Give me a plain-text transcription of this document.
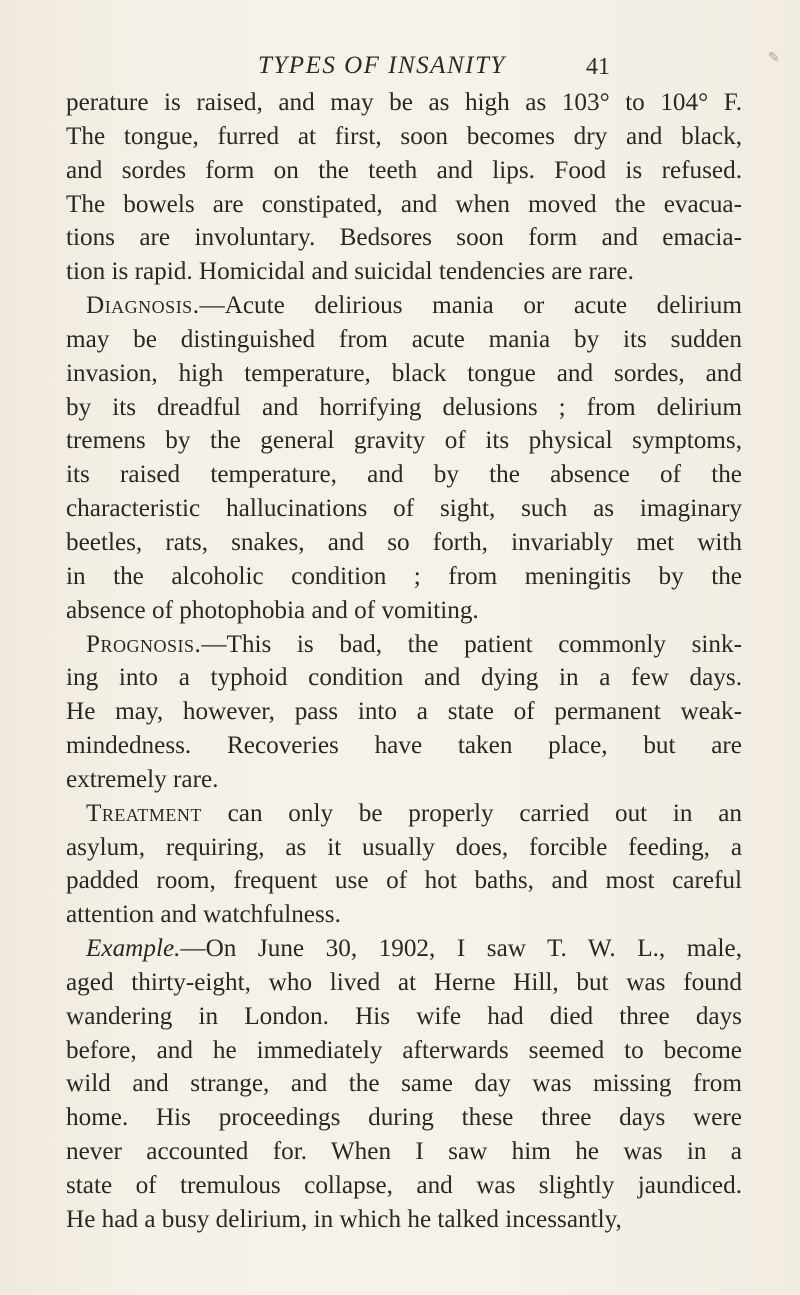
✎
TYPES OF INSANITY	41
perature is raised, and may be as high as 103° to 104° F.
The tongue, furred at first, soon becomes dry and black,
and sordes form on the teeth and lips. Food is refused.
The bowels are constipated, and when moved the evacua-
tions are involuntary. Bedsores soon form and emacia-
tion is rapid. Homicidal and suicidal tendencies are rare.
Diagnosis.—Acute delirious mania or acute delirium
may be distinguished from acute mania by its sudden
invasion, high temperature, black tongue and sordes, and
by its dreadful and horrifying delusions ; from delirium
tremens by the general gravity of its physical symptoms,
its raised temperature, and by the absence of the
characteristic hallucinations of sight, such as imaginary
beetles, rats, snakes, and so forth, invariably met with
in the alcoholic condition ; from meningitis by the
absence of photophobia and of vomiting.
Prognosis.—This is bad, the patient commonly sink-
ing into a typhoid condition and dying in a few days.
He may, however, pass into a state of permanent weak-
mindedness. Recoveries have taken place, but are
extremely rare.
Treatment can only be properly carried out in an
asylum, requiring, as it usually does, forcible feeding, a
padded room, frequent use of hot baths, and most careful
attention and watchfulness.
Example.—On June 30, 1902, I saw T. W. L., male,
aged thirty-eight, who lived at Herne Hill, but was found
wandering in London. His wife had died three days
before, and he immediately afterwards seemed to become
wild and strange, and the same day was missing from
home. His proceedings during these three days were
never accounted for. When I saw him he was in a
state of tremulous collapse, and was slightly jaundiced.
He had a busy delirium, in which he talked incessantly,
